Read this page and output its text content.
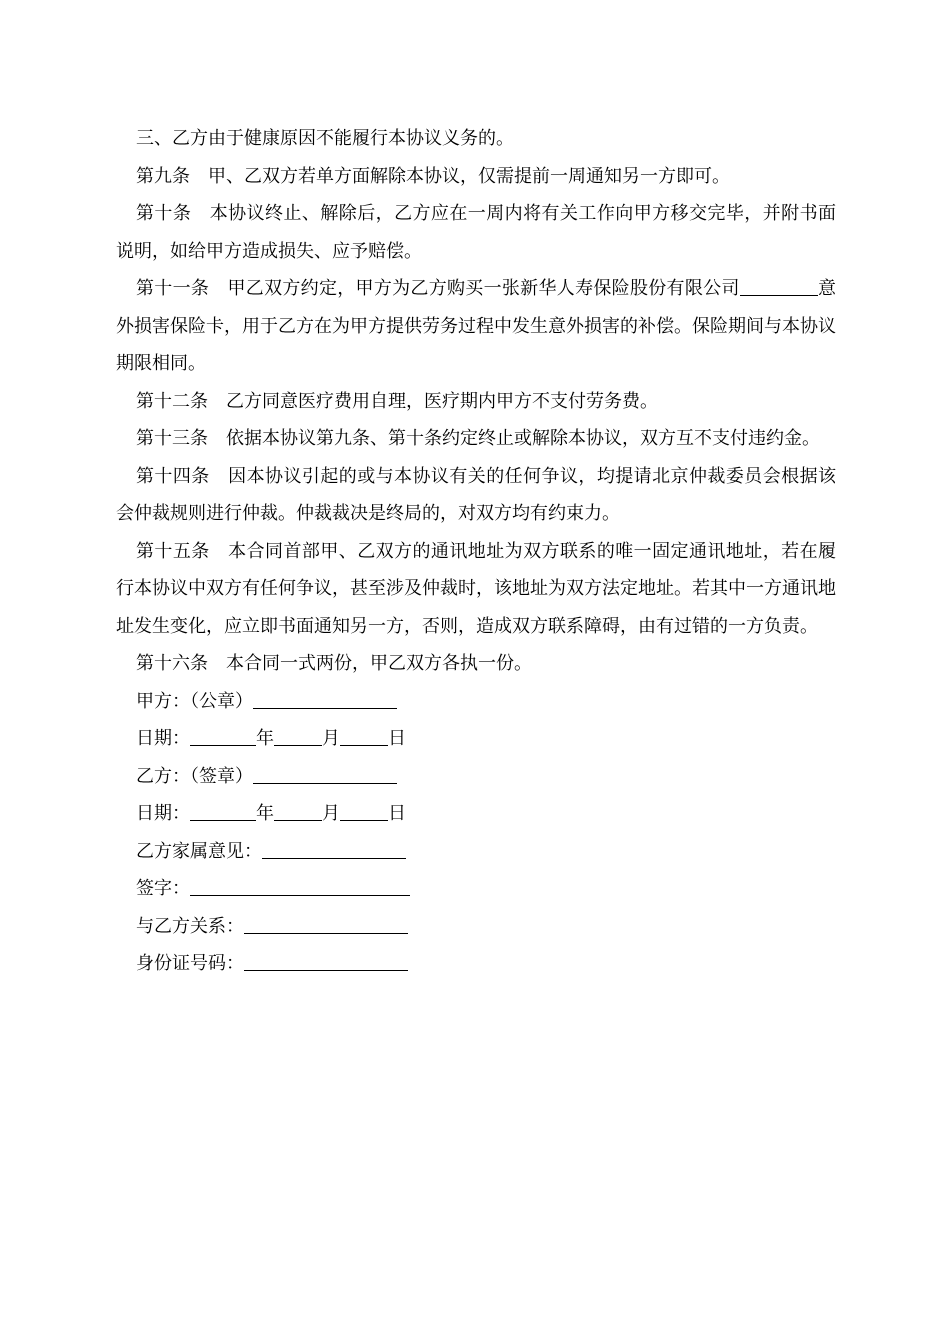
三、乙方由于健康原因不能履行本协议义务的。

第九条 甲、乙双方若单方面解除本协议，仅需提前一周通知另一方即可。

第十条 本协议终止、解除后，乙方应在一周内将有关工作向甲方移交完毕，并附书面说明，如给甲方造成损失、应予赔偿。

第十一条 甲乙双方约定，甲方为乙方购买一张新华人寿保险股份有限公司	意外损害保险卡，用于乙方在为甲方提供劳务过程中发生意外损害的补偿。保险期间与本协议期限相同。

第十二条 乙方同意医疗费用自理，医疗期内甲方不支付劳务费。

第十三条 依据本协议第九条、第十条约定终止或解除本协议，双方互不支付违约金。

第十四条 因本协议引起的或与本协议有关的任何争议，均提请北京仲裁委员会根据该会仲裁规则进行仲裁。仲裁裁决是终局的，对双方均有约束力。

第十五条 本合同首部甲、乙双方的通讯地址为双方联系的唯一固定通讯地址，若在履行本协议中双方有任何争议，甚至涉及仲裁时，该地址为双方法定地址。若其中一方通讯地址发生变化，应立即书面通知另一方，否则，造成双方联系障碍，由有过错的一方负责。

第十六条 本合同一式两份，甲乙双方各执一份。

甲方：（公章）

日期：	年	月	日

乙方：（签章）

日期：	年	月	日

乙方家属意见：

签字：

与乙方关系：

身份证号码：
